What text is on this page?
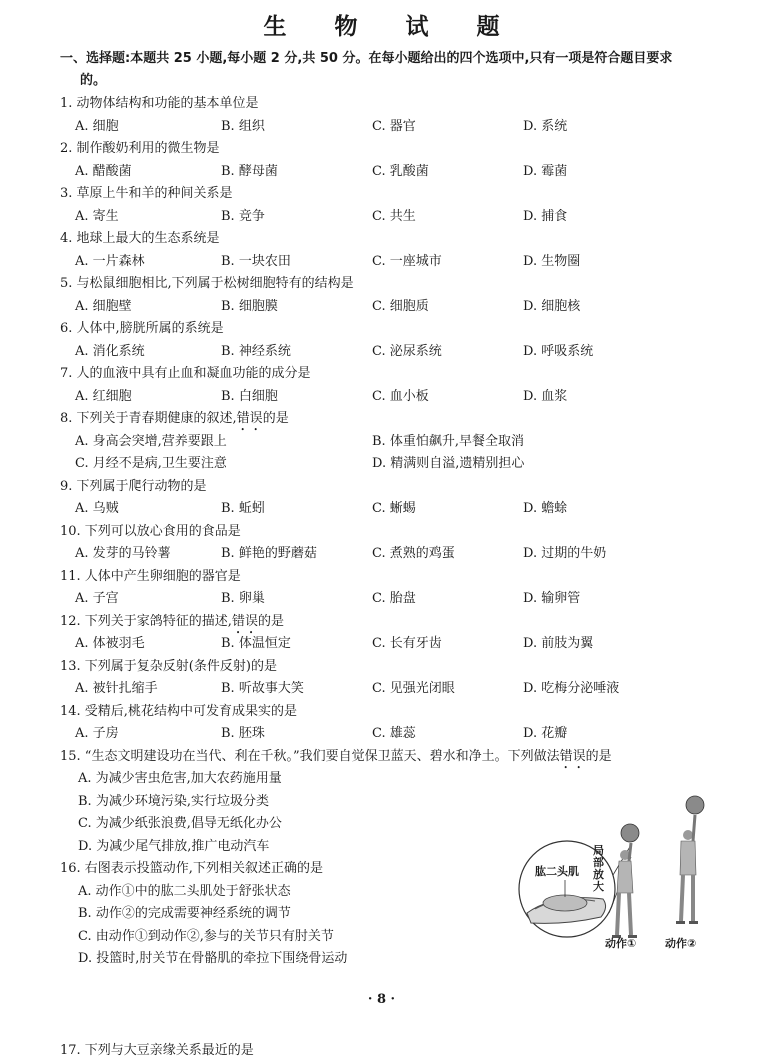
生 物 试 题
一、选择题:本题共 25 小题,每小题 2 分,共 50 分。在每小题给出的四个选项中,只有一项是符合题目要求
的。
1. 动物体结构和功能的基本单位是
A. 细胞	B. 组织	C. 器官	D. 系统
2. 制作酸奶利用的微生物是
A. 醋酸菌	B. 酵母菌	C. 乳酸菌	D. 霉菌
3. 草原上牛和羊的种间关系是
A. 寄生	B. 竞争	C. 共生	D. 捕食
4. 地球上最大的生态系统是
A. 一片森林	B. 一块农田	C. 一座城市	D. 生物圈
5. 与松鼠细胞相比,下列属于松树细胞特有的结构是
A. 细胞壁	B. 细胞膜	C. 细胞质	D. 细胞核
6. 人体中,膀胱所属的系统是
A. 消化系统	B. 神经系统	C. 泌尿系统	D. 呼吸系统
7. 人的血液中具有止血和凝血功能的成分是
A. 红细胞	B. 白细胞	C. 血小板	D. 血浆
8. 下列关于青春期健康的叙述,错误的是
A. 身高会突增,营养要跟上	B. 体重怕飙升,早餐全取消
C. 月经不是病,卫生要注意	D. 精满则自溢,遗精别担心
9. 下列属于爬行动物的是
A. 乌贼	B. 蚯蚓	C. 蜥蜴	D. 蟾蜍
10. 下列可以放心食用的食品是
A. 发芽的马铃薯	B. 鲜艳的野蘑菇	C. 煮熟的鸡蛋	D. 过期的牛奶
11. 人体中产生卵细胞的器官是
A. 子宫	B. 卵巢	C. 胎盘	D. 输卵管
12. 下列关于家鸽特征的描述,错误的是
A. 体被羽毛	B. 体温恒定	C. 长有牙齿	D. 前肢为翼
13. 下列属于复杂反射(条件反射)的是
A. 被针扎缩手	B. 听故事大笑	C. 见强光闭眼	D. 吃梅分泌唾液
14. 受精后,桃花结构中可发育成果实的是
A. 子房	B. 胚珠	C. 雄蕊	D. 花瓣
15. “生态文明建设功在当代、利在千秋。”我们要自觉保卫蓝天、碧水和净土。下列做法错误的是
A. 为减少害虫危害,加大农药施用量
B. 为减少环境污染,实行垃圾分类
C. 为减少纸张浪费,倡导无纸化办公
D. 为减少尾气排放,推广电动汽车
16. 右图表示投篮动作,下列相关叙述正确的是
A. 动作①中的肱二头肌处于舒张状态
B. 动作②的完成需要神经系统的调节
C. 由动作①到动作②,参与的关节只有肘关节
D. 投篮时,肘关节在骨骼肌的牵拉下围绕骨运动
肱二头肌
局部放大
动作①	动作②
· 8 ·
17. 下列与大豆亲缘关系最近的是
